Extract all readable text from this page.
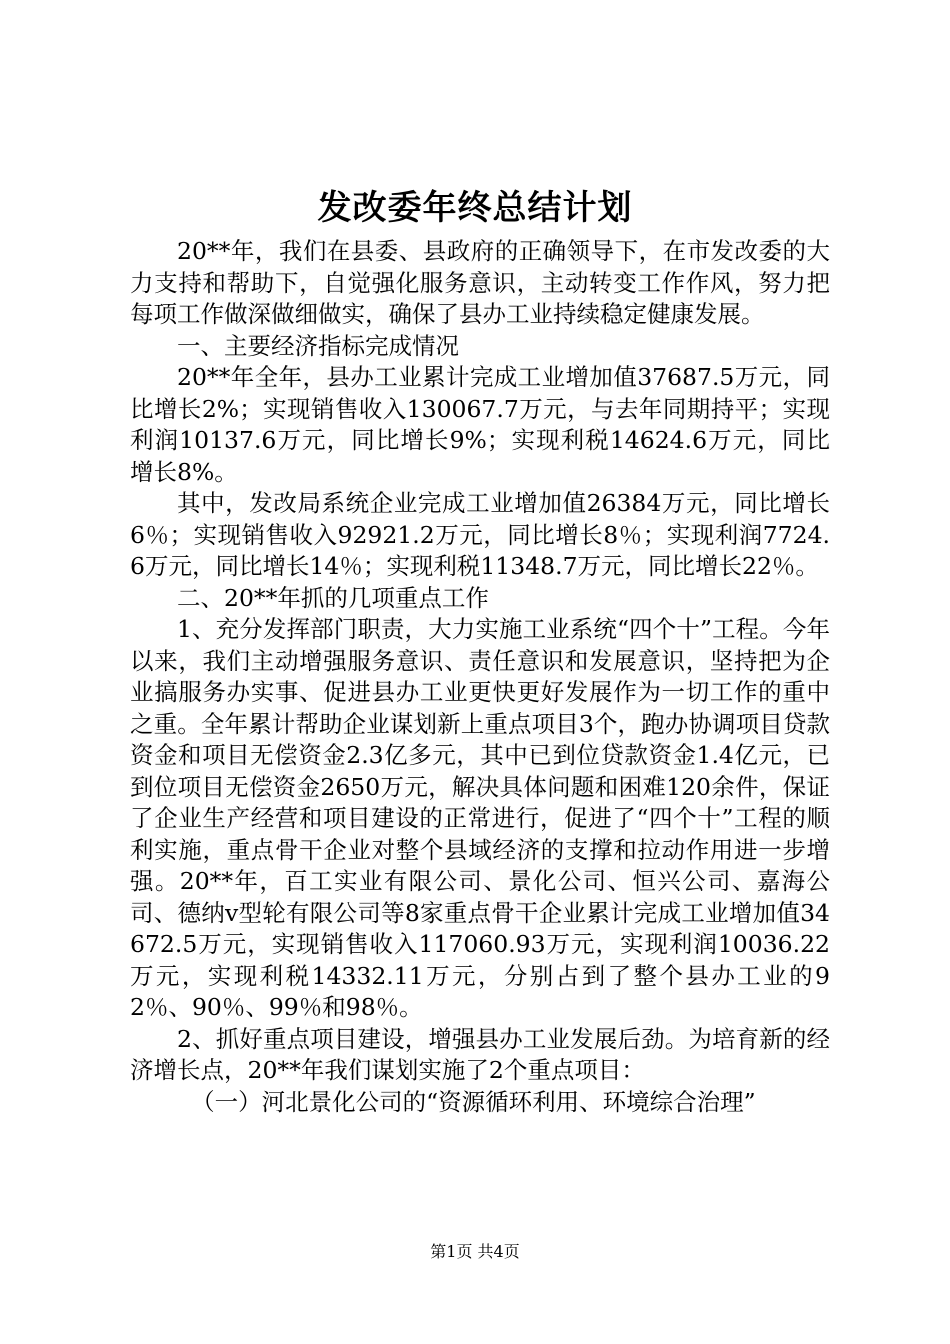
发改委年终总结计划

20**年，我们在县委、县政府的正确领导下，在市发改委的大力支持和帮助下，自觉强化服务意识，主动转变工作作风，努力把每项工作做深做细做实，确保了县办工业持续稳定健康发展。

一、主要经济指标完成情况

20**年全年，县办工业累计完成工业增加值37687.5万元，同比增长2%；实现销售收入130067.7万元，与去年同期持平；实现利润10137.6万元，同比增长9%；实现利税14624.6万元，同比增长8%。

其中，发改局系统企业完成工业增加值26384万元，同比增长6％；实现销售收入92921.2万元，同比增长8％；实现利润7724.6万元，同比增长14％；实现利税11348.7万元，同比增长22％。

二、20**年抓的几项重点工作

1、充分发挥部门职责，大力实施工业系统“四个十”工程。今年以来，我们主动增强服务意识、责任意识和发展意识，坚持把为企业搞服务办实事、促进县办工业更快更好发展作为一切工作的重中之重。全年累计帮助企业谋划新上重点项目3个，跑办协调项目贷款资金和项目无偿资金2.3亿多元，其中已到位贷款资金1.4亿元，已到位项目无偿资金2650万元，解决具体问题和困难120余件，保证了企业生产经营和项目建设的正常进行，促进了“四个十”工程的顺利实施，重点骨干企业对整个县域经济的支撑和拉动作用进一步增强。20**年，百工实业有限公司、景化公司、恒兴公司、嘉海公司、德纳v型轮有限公司等8家重点骨干企业累计完成工业增加值34672.5万元，实现销售收入117060.93万元，实现利润10036.22万元，实现利税14332.11万元，分别占到了整个县办工业的92％、90％、99％和98％。

2、抓好重点项目建设，增强县办工业发展后劲。为培育新的经济增长点，20**年我们谋划实施了2个重点项目：

（一）河北景化公司的“资源循环利用、环境综合治理”

第1页 共4页
